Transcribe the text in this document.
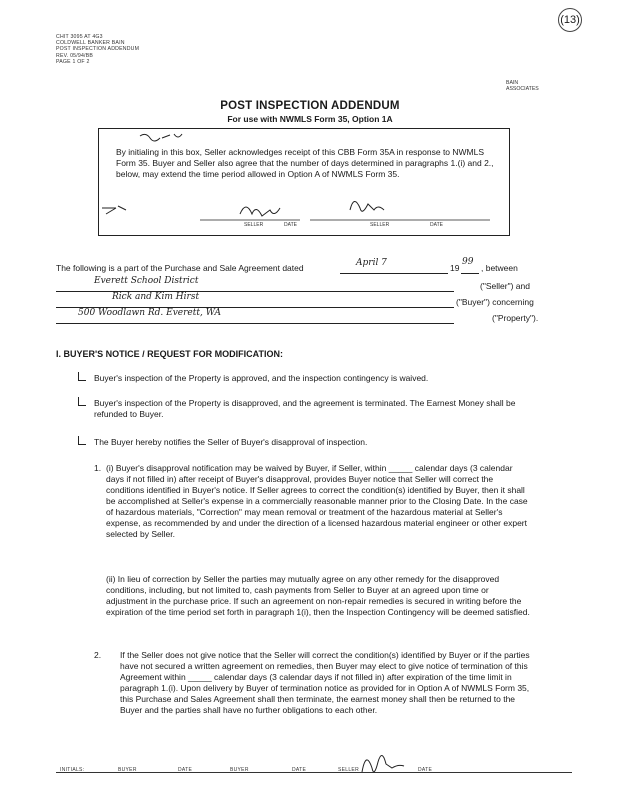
(13)
CHIT 3095 AT 4G3
COLDWELL BANKER BAIN
POST INSPECTION ADDENDUM
REV. 05/94/BB
PAGE 1 OF 2
BAIN
ASSOCIATES
POST INSPECTION ADDENDUM
For use with NWMLS Form 35, Option 1A
By initialing in this box, Seller acknowledges receipt of this CBB Form 35A in response to NWMLS Form 35. Buyer and Seller also agree that the number of days determined in paragraphs 1.(i) and 2., below, may extend the time period allowed in Option A of NWMLS Form 35.
SELLER	DATE	SELLER	DATE
The following is a part of the Purchase and Sale Agreement dated	April 7	19
99
, between
Everett School District	("Seller") and
Rick and Kim Hirst	("Buyer") concerning
500 Woodlawn Rd. Everett, WA	("Property").
I. BUYER'S NOTICE / REQUEST FOR MODIFICATION:
Buyer's inspection of the Property is approved, and the inspection contingency is waived.
Buyer's inspection of the Property is disapproved, and the agreement is terminated. The Earnest Money shall be refunded to Buyer.
The Buyer hereby notifies the Seller of Buyer's disapproval of inspection.
1. (i) Buyer's disapproval notification may be waived by Buyer, if Seller, within _____ calendar days (3 calendar days if not filled in) after receipt of Buyer's disapproval, provides Buyer notice that Seller will correct the conditions identified in Buyer's notice. If Seller agrees to correct the condition(s) identified by Buyer, then it shall be accomplished at Seller's expense in a commercially reasonable manner prior to the Closing Date. In the case of hazardous materials, "Correction" may mean removal or treatment of the hazardous material at Seller's expense, as recommended by and under the direction of a licensed hazardous material engineer or other expert selected by Seller.
(ii) In lieu of correction by Seller the parties may mutually agree on any other remedy for the disapproved conditions, including, but not limited to, cash payments from Seller to Buyer at an agreed upon time or adjustment in the purchase price. If such an agreement on non-repair remedies is secured in writing before the expiration of the time period set forth in paragraph 1(i), then the Inspection Contingency will be deemed satisfied.
2. If the Seller does not give notice that the Seller will correct the condition(s) identified by Buyer or if the parties have not secured a written agreement on remedies, then Buyer may elect to give notice of termination of this Agreement within _____ calendar days (3 calendar days if not filled in) after expiration of the time limit in paragraph 1.(i). Upon delivery by Buyer of termination notice as provided for in Option A of NWMLS Form 35, this Purchase and Sales Agreement shall then terminate, the earnest money shall then be returned to the Buyer and the parties shall have no further obligations to each other.
INITIALS:	BUYER	DATE	BUYER	DATE	SELLER	DATE
